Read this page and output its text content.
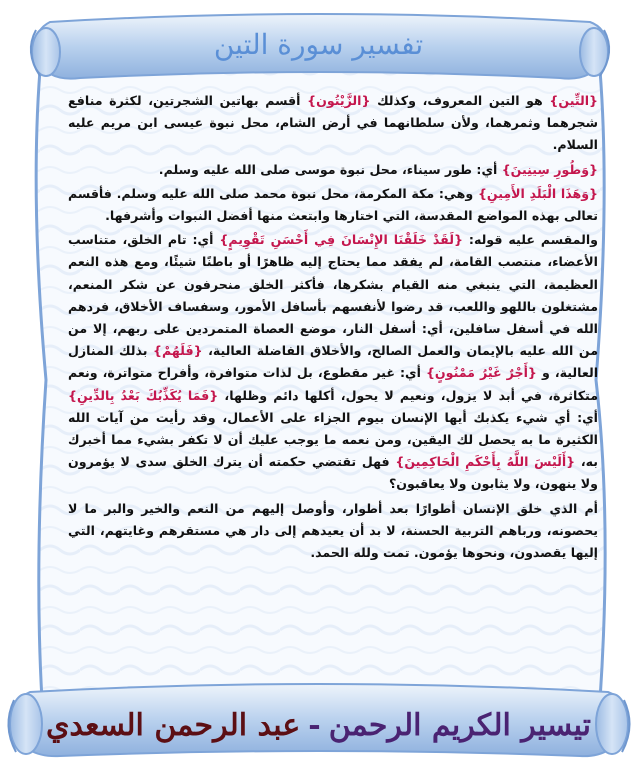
تفسير سورة التين

{التِّين} هو التين المعروف، وكذلك {الزَّيْتُون} أقسم بهاتين الشجرتين، لكثرة منافع شجرهما وثمرهما، ولأن سلطانهما في أرض الشام، محل نبوة عيسى ابن مريم عليه السلام.

{وَطُورِ سِينِينَ} أي: طور سيناء، محل نبوة موسى صلى الله عليه وسلم.

{وَهَذَا الْبَلَدِ الأَمِينِ} وهي: مكة المكرمة، محل نبوة محمد صلى الله عليه وسلم. فأقسم تعالى بهذه المواضع المقدسة، التي اختارها وابتعث منها أفضل النبوات وأشرفها.

والمقسم عليه قوله: {لَقَدْ خَلَقْنَا الإِنْسَانَ فِي أَحْسَنِ تَقْوِيمٍ} أي: تام الخلق، متناسب الأعضاء، منتصب القامة، لم يفقد مما يحتاج إليه ظاهرًا أو باطنًا شيئًا، ومع هذه النعم العظيمة، التي ينبغي منه القيام بشكرها، فأكثر الخلق منحرفون عن شكر المنعم، مشتغلون باللهو واللعب، قد رضوا لأنفسهم بأسافل الأمور، وسفساف الأخلاق، فردهم الله في أسفل سافلين، أي: أسفل النار، موضع العصاة المتمردين على ربهم، إلا من من الله عليه بالإيمان والعمل الصالح، والأخلاق الفاضلة العالية، {فَلَهُمْ} بذلك المنازل العالية، و {أَجْرٌ غَيْرُ مَمْنُونٍ} أي: غير مقطوع، بل لذات متوافرة، وأفراح متواترة، ونعم متكاثرة، في أبد لا يزول، ونعيم لا يحول، أكلها دائم وظلها، {فَمَا يُكَذِّبُكَ بَعْدُ بِالدِّينِ} أي: أي شيء يكذبك أيها الإنسان بيوم الجزاء على الأعمال، وقد رأيت من آيات الله الكثيرة ما به يحصل لك اليقين، ومن نعمه ما يوجب عليك أن لا تكفر بشيء مما أخبرك به، {أَلَيْسَ اللَّهُ بِأَحْكَمِ الْحَاكِمِينَ} فهل تقتضي حكمته أن يترك الخلق سدى لا يؤمرون ولا ينهون، ولا يثابون ولا يعاقبون؟

أم الذي خلق الإنسان أطوارًا بعد أطوار، وأوصل إليهم من النعم والخير والبر ما لا يحصونه، ورباهم التربية الحسنة، لا بد أن يعيدهم إلى دار هي مستقرهم وغايتهم، التي إليها يقصدون، ونحوها يؤمون. تمت ولله الحمد.

تيسير الكريم الرحمن-عبد الرحمن السعدي
